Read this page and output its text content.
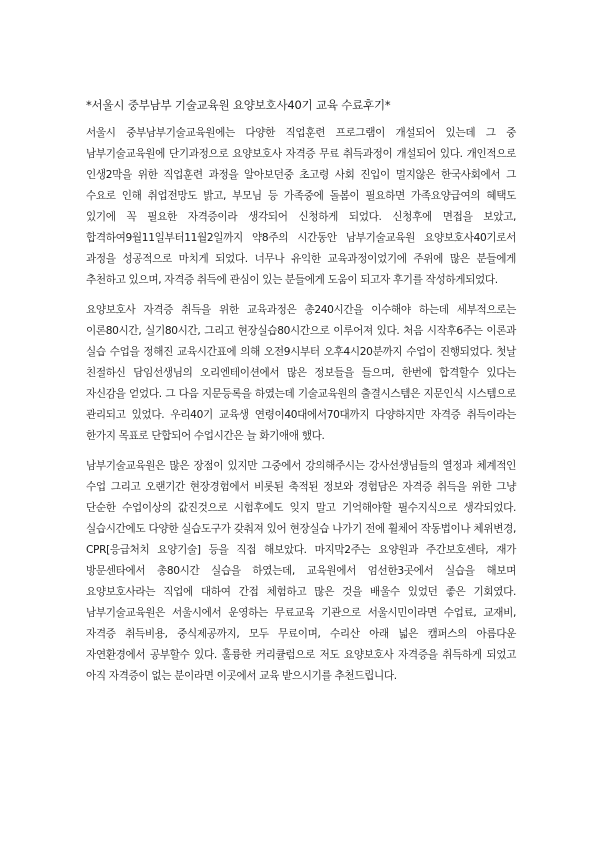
*서울시 중부남부 기술교육원 요양보호사40기 교육 수료후기*

서울시 중부남부기술교육원에는 다양한 직업훈련 프로그램이 개설되어 있는데 그 중 남부기술교육원에 단기과정으로 요양보호사 자격증 무료 취득과정이 개설되어 있다. 개인적으로 인생2막을 위한 직업훈련 과정을 알아보던중 초고령 사회 진입이 멀지않은 한국사회에서 그 수요로 인해 취업전망도 밝고, 부모님 등 가족중에 돌봄이 필요하면 가족요양급여의 혜택도 있기에 꼭 필요한 자격증이라 생각되어 신청하게 되었다. 신청후에 면접을 보았고, 합격하여9월11일부터11월2일까지 약8주의 시간동안 남부기술교육원 요양보호사40기로서 과정을 성공적으로 마치게 되었다. 너무나 유익한 교육과정이었기에 주위에 많은 분들에게 추천하고 있으며, 자격증 취득에 관심이 있는 분들에게 도움이 되고자 후기를 작성하게되었다.

요양보호사 자격증 취득을 위한 교육과정은 총240시간을 이수해야 하는데 세부적으로는 이론80시간, 실기80시간, 그리고 현장실습80시간으로 이루어져 있다. 처음 시작후6주는 이론과 실습 수업을 정해진 교육시간표에 의해 오전9시부터 오후4시20분까지 수업이 진행되었다. 첫날 친절하신 담임선생님의 오리엔테이션에서 많은 정보들을 들으며, 한번에 합격할수 있다는 자신감을 얻었다. 그 다음 지문등록을 하였는데 기술교육원의 출결시스템은 지문인식 시스템으로 관리되고 있었다. 우리40기 교육생 연령이40대에서70대까지 다양하지만 자격증 취득이라는 한가지 목표로 단합되어 수업시간은 늘 화기애애 했다.

남부기술교육원은 많은 장점이 있지만 그중에서 강의해주시는 강사선생님들의 열정과 체계적인 수업 그리고 오랜기간 현장경험에서 비롯된 축적된 정보와 경험담은 자격증 취득을 위한 그냥 단순한 수업이상의 값진것으로 시험후에도 잊지 말고 기억해야할 필수지식으로 생각되었다. 실습시간에도 다양한 실습도구가 갖춰져 있어 현장실습 나가기 전에 휠체어 작동법이나 체위변경, CPR[응급처치 요양기술] 등을 직접 해보았다. 마지막2주는 요양원과 주간보호센타, 재가 방문센타에서 총80시간 실습을 하였는데, 교육원에서 엄선한3곳에서 실습을 해보며 요양보호사라는 직업에 대하여 간접 체험하고 많은 것을 배울수 있었던 좋은 기회였다. 남부기술교육원은 서울시에서 운영하는 무료교육 기관으로 서울시민이라면 수업료, 교재비, 자격증 취득비용, 중식제공까지, 모두 무료이며, 수리산 아래 넓은 캠퍼스의 아름다운 자연환경에서 공부할수 있다. 훌륭한 커리큘럼으로 저도 요양보호사 자격증을 취득하게 되었고 아직 자격증이 없는 분이라면 이곳에서 교육 받으시기를 추천드립니다.
